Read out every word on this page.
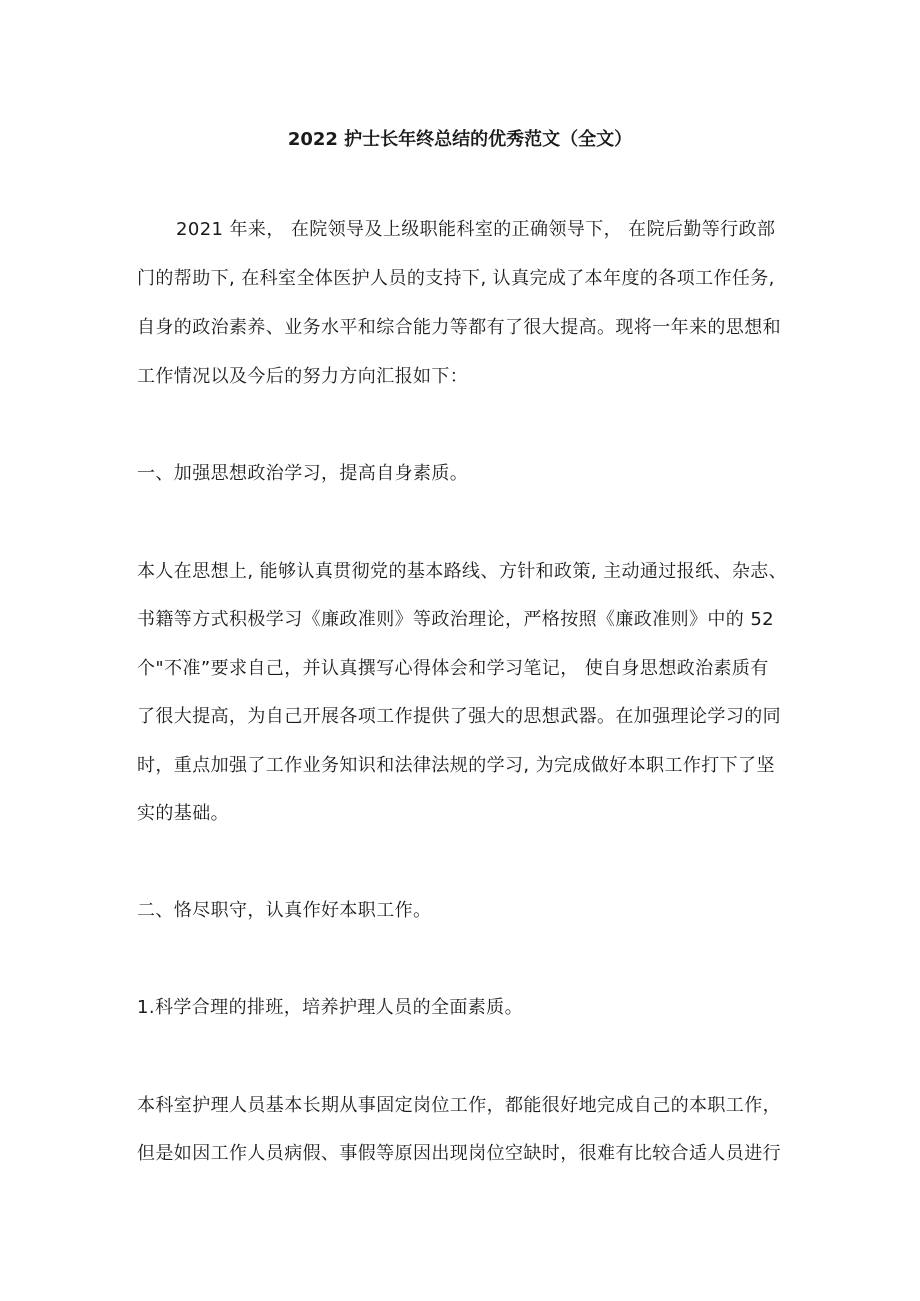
2022 护士长年终总结的优秀范文（全文）
2021 年来， 在院领导及上级职能科室的正确领导下， 在院后勤等行政部
门的帮助下, 在科室全体医护人员的支持下, 认真完成了本年度的各项工作任务,
自身的政治素养、业务水平和综合能力等都有了很大提高。现将一年来的思想和
工作情况以及今后的努力方向汇报如下：
一、加强思想政治学习，提高自身素质。
本人在思想上, 能够认真贯彻党的基本路线、方针和政策, 主动通过报纸、杂志、
书籍等方式积极学习《廉政准则》等政治理论，严格按照《廉政准则》中的 52
个"不准”要求自己，并认真撰写心得体会和学习笔记， 使自身思想政治素质有
了很大提高，为自己开展各项工作提供了强大的思想武器。在加强理论学习的同
时，重点加强了工作业务知识和法律法规的学习, 为完成做好本职工作打下了坚
实的基础。
二、恪尽职守，认真作好本职工作。
1.科学合理的排班，培养护理人员的全面素质。
本科室护理人员基本长期从事固定岗位工作，都能很好地完成自己的本职工作，
但是如因工作人员病假、事假等原因出现岗位空缺时，很难有比较合适人员进行
